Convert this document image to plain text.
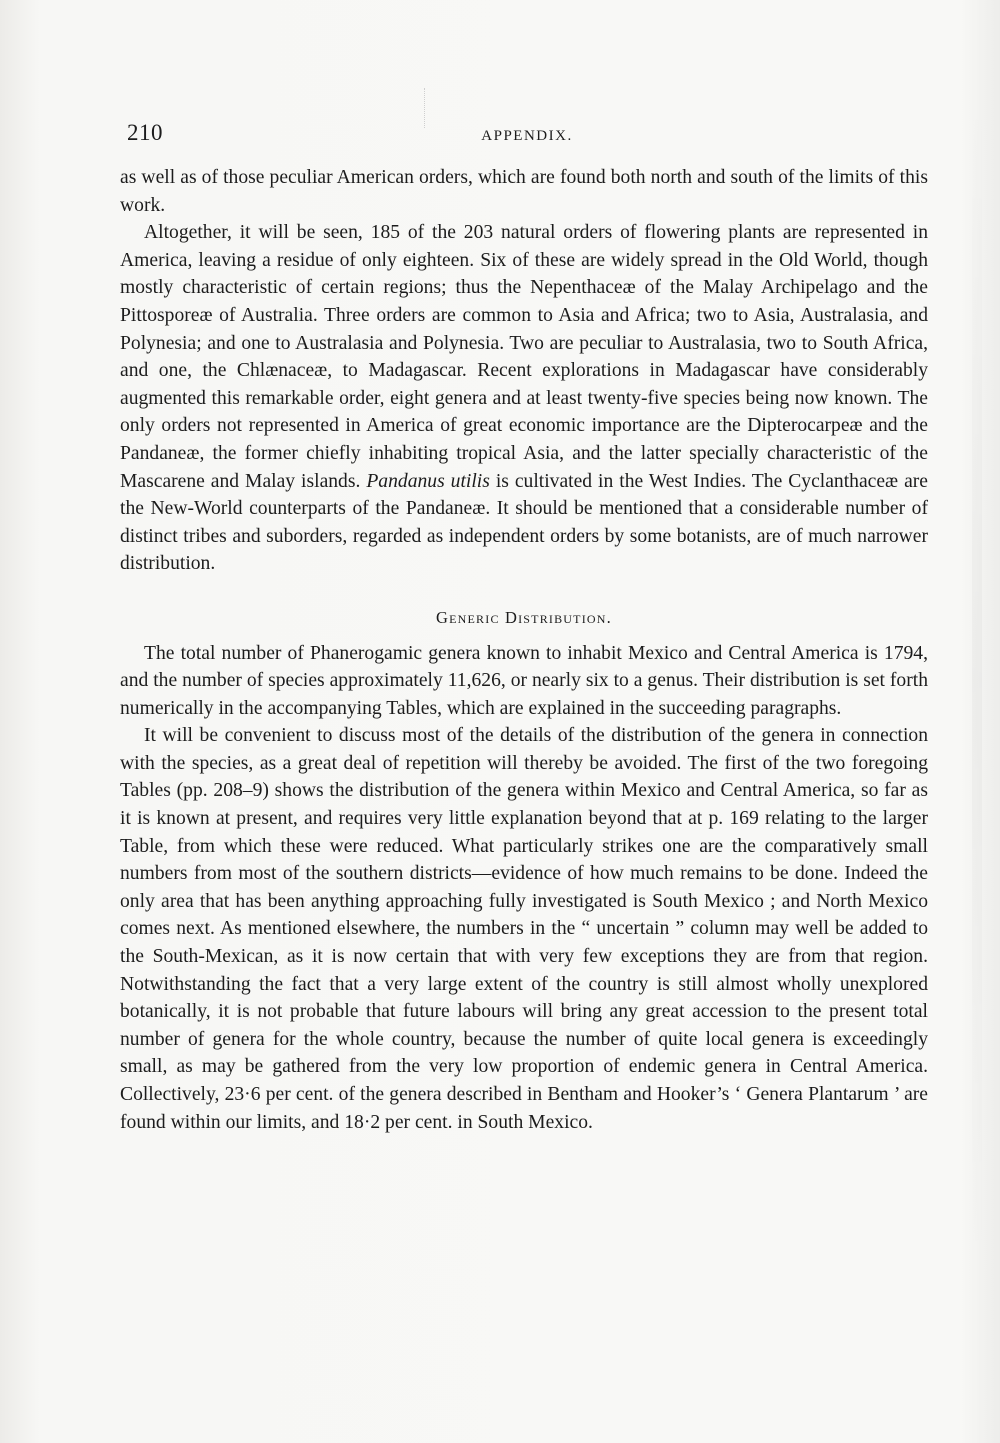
210	APPENDIX.

as well as of those peculiar American orders, which are found both north and south of the limits of this work.

Altogether, it will be seen, 185 of the 203 natural orders of flowering plants are represented in America, leaving a residue of only eighteen. Six of these are widely spread in the Old World, though mostly characteristic of certain regions; thus the Nepenthaceæ of the Malay Archipelago and the Pittosporeæ of Australia. Three orders are common to Asia and Africa; two to Asia, Australasia, and Polynesia; and one to Australasia and Polynesia. Two are peculiar to Australasia, two to South Africa, and one, the Chlænaceæ, to Madagascar. Recent explorations in Madagascar have considerably augmented this remarkable order, eight genera and at least twenty-five species being now known. The only orders not represented in America of great economic importance are the Dipterocarpeæ and the Pandaneæ, the former chiefly inhabiting tropical Asia, and the latter specially characteristic of the Mascarene and Malay islands. Pandanus utilis is cultivated in the West Indies. The Cyclanthaceæ are the New-World counterparts of the Pandaneæ. It should be mentioned that a considerable number of distinct tribes and suborders, regarded as independent orders by some botanists, are of much narrower distribution.

Generic Distribution.

The total number of Phanerogamic genera known to inhabit Mexico and Central America is 1794, and the number of species approximately 11,626, or nearly six to a genus. Their distribution is set forth numerically in the accompanying Tables, which are explained in the succeeding paragraphs.

It will be convenient to discuss most of the details of the distribution of the genera in connection with the species, as a great deal of repetition will thereby be avoided. The first of the two foregoing Tables (pp. 208–9) shows the distribution of the genera within Mexico and Central America, so far as it is known at present, and requires very little explanation beyond that at p. 169 relating to the larger Table, from which these were reduced. What particularly strikes one are the comparatively small numbers from most of the southern districts—evidence of how much remains to be done. Indeed the only area that has been anything approaching fully investigated is South Mexico ; and North Mexico comes next. As mentioned elsewhere, the numbers in the “ uncertain ” column may well be added to the South-Mexican, as it is now certain that with very few exceptions they are from that region. Notwithstanding the fact that a very large extent of the country is still almost wholly unexplored botanically, it is not probable that future labours will bring any great accession to the present total number of genera for the whole country, because the number of quite local genera is exceedingly small, as may be gathered from the very low proportion of endemic genera in Central America. Collectively, 23·6 per cent. of the genera described in Bentham and Hooker’s ‘ Genera Plantarum ’ are found within our limits, and 18·2 per cent. in South Mexico.
